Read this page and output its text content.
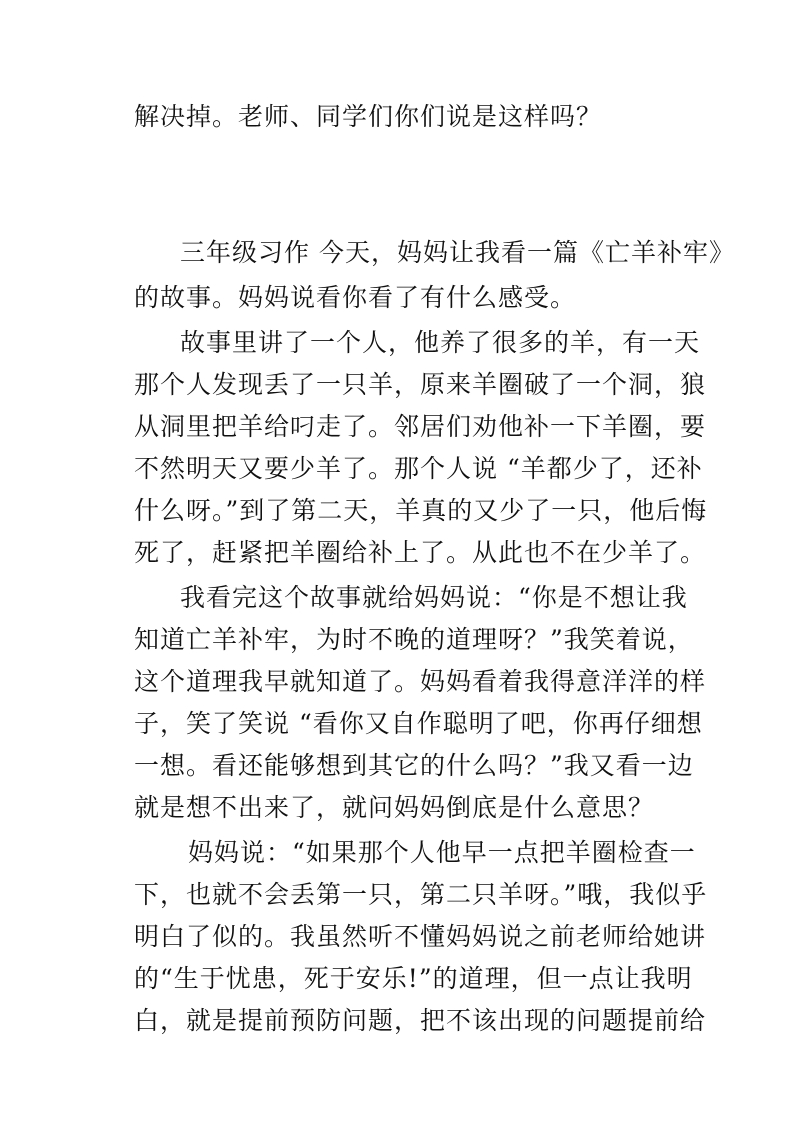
解决掉。老师、同学们你们说是这样吗？
三年级习作 今天，妈妈让我看一篇《亡羊补牢》
的故事。妈妈说看你看了有什么感受。
故事里讲了一个人，他养了很多的羊，有一天
那个人发现丢了一只羊，原来羊圈破了一个洞，狼
从洞里把羊给叼走了。邻居们劝他补一下羊圈，要
不然明天又要少羊了。那个人说 “羊都少了，还补
什么呀。”到了第二天，羊真的又少了一只，他后悔
死了，赶紧把羊圈给补上了。从此也不在少羊了。
我看完这个故事就给妈妈说：“你是不想让我
知道亡羊补牢，为时不晚的道理呀？”我笑着说，
这个道理我早就知道了。妈妈看着我得意洋洋的样
子，笑了笑说 “看你又自作聪明了吧，你再仔细想
一想。看还能够想到其它的什么吗？”我又看一边
就是想不出来了，就问妈妈倒底是什么意思？
妈妈说：“如果那个人他早一点把羊圈检查一
下，也就不会丢第一只，第二只羊呀。”哦，我似乎
明白了似的。我虽然听不懂妈妈说之前老师给她讲
的“生于忧患，死于安乐!”的道理，但一点让我明
白，就是提前预防问题，把不该出现的问题提前给
